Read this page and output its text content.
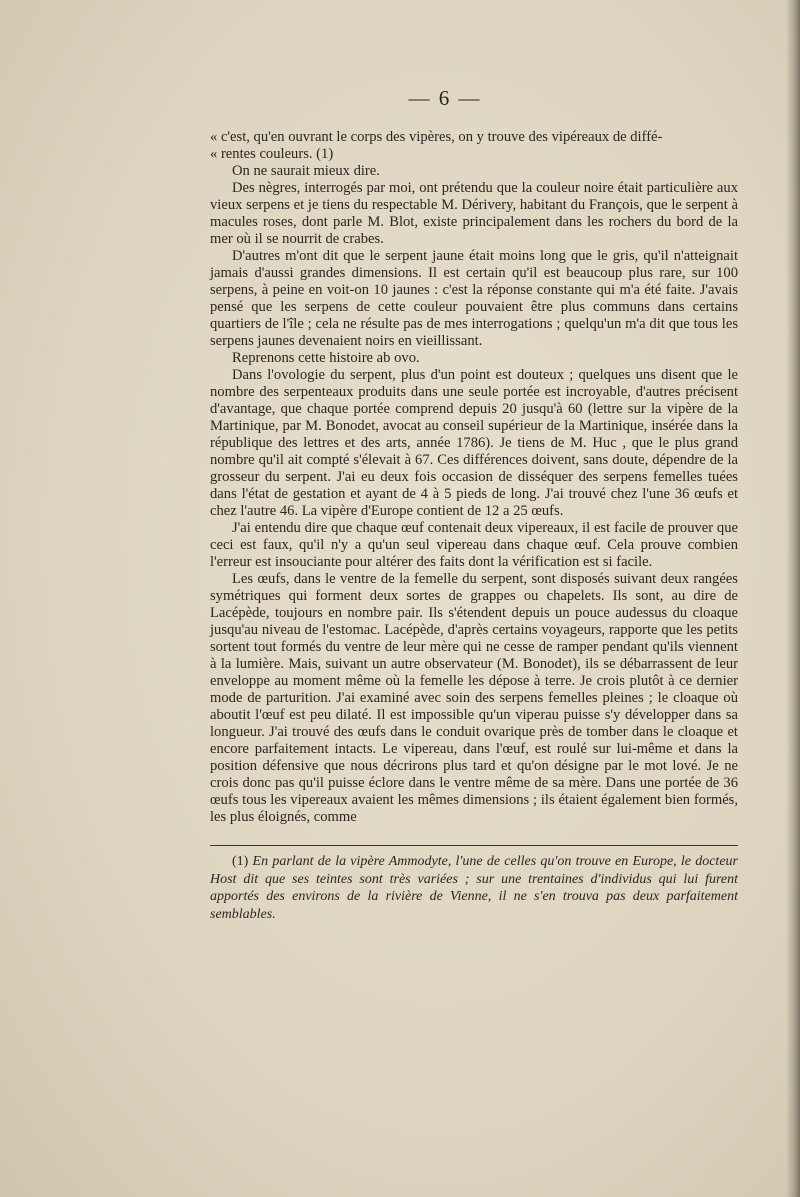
— 6 —

« c'est, qu'en ouvrant le corps des vipères, on y trouve des vipéreaux de diffé-

« rentes couleurs. (1)

On ne saurait mieux dire.

Des nègres, interrogés par moi, ont prétendu que la couleur noire était particulière aux vieux serpens et je tiens du respectable M. Dérivery, habitant du François, que le serpent à macules roses, dont parle M. Blot, existe principalement dans les rochers du bord de la mer où il se nourrit de crabes.

D'autres m'ont dit que le serpent jaune était moins long que le gris, qu'il n'atteignait jamais d'aussi grandes dimensions. Il est certain qu'il est beaucoup plus rare, sur 100 serpens, à peine en voit-on 10 jaunes : c'est la réponse constante qui m'a été faite. J'avais pensé que les serpens de cette couleur pouvaient être plus communs dans certains quartiers de l'île ; cela ne résulte pas de mes interrogations ; quelqu'un m'a dit que tous les serpens jaunes devenaient noirs en vieillissant.

Reprenons cette histoire ab ovo.

Dans l'ovologie du serpent, plus d'un point est douteux ; quelques uns disent que le nombre des serpenteaux produits dans une seule portée est incroyable, d'autres précisent d'avantage, que chaque portée comprend depuis 20 jusqu'à 60 (lettre sur la vipère de la Martinique, par M. Bonodet, avocat au conseil supérieur de la Martinique, insérée dans la république des lettres et des arts, année 1786). Je tiens de M. Huc , que le plus grand nombre qu'il ait compté s'élevait à 67. Ces différences doivent, sans doute, dépendre de la grosseur du serpent. J'ai eu deux fois occasion de disséquer des serpens femelles tuées dans l'état de gestation et ayant de 4 à 5 pieds de long. J'ai trouvé chez l'une 36 œufs et chez l'autre 46. La vipère d'Europe contient de 12 a 25 œufs.

J'ai entendu dire que chaque œuf contenait deux vipereaux, il est facile de prouver que ceci est faux, qu'il n'y a qu'un seul vipereau dans chaque œuf. Cela prouve combien l'erreur est insouciante pour altérer des faits dont la vérification est si facile.

Les œufs, dans le ventre de la femelle du serpent, sont disposés suivant deux rangées symétriques qui forment deux sortes de grappes ou chapelets. Ils sont, au dire de Lacépède, toujours en nombre pair. Ils s'étendent depuis un pouce audessus du cloaque jusqu'au niveau de l'estomac. Lacépède, d'après certains voyageurs, rapporte que les petits sortent tout formés du ventre de leur mère qui ne cesse de ramper pendant qu'ils viennent à la lumière. Mais, suivant un autre observateur (M. Bonodet), ils se débarrassent de leur enveloppe au moment même où la femelle les dépose à terre. Je crois plutôt à ce dernier mode de parturition. J'ai examiné avec soin des serpens femelles pleines ; le cloaque où aboutit l'œuf est peu dilaté. Il est impossible qu'un viperau puisse s'y développer dans sa longueur. J'ai trouvé des œufs dans le conduit ovarique près de tomber dans le cloaque et encore parfaitement intacts. Le vipereau, dans l'œuf, est roulé sur lui-même et dans la position défensive que nous décrirons plus tard et qu'on désigne par le mot lové. Je ne crois donc pas qu'il puisse éclore dans le ventre même de sa mère. Dans une portée de 36 œufs tous les vipereaux avaient les mêmes dimensions ; ils étaient également bien formés, les plus éloignés, comme

(1) En parlant de la vipère Ammodyte, l'une de celles qu'on trouve en Europe, le docteur Host dit que ses teintes sont très variées ; sur une trentaines d'individus qui lui furent apportés des environs de la rivière de Vienne, il ne s'en trouva pas deux parfaitement semblables.
